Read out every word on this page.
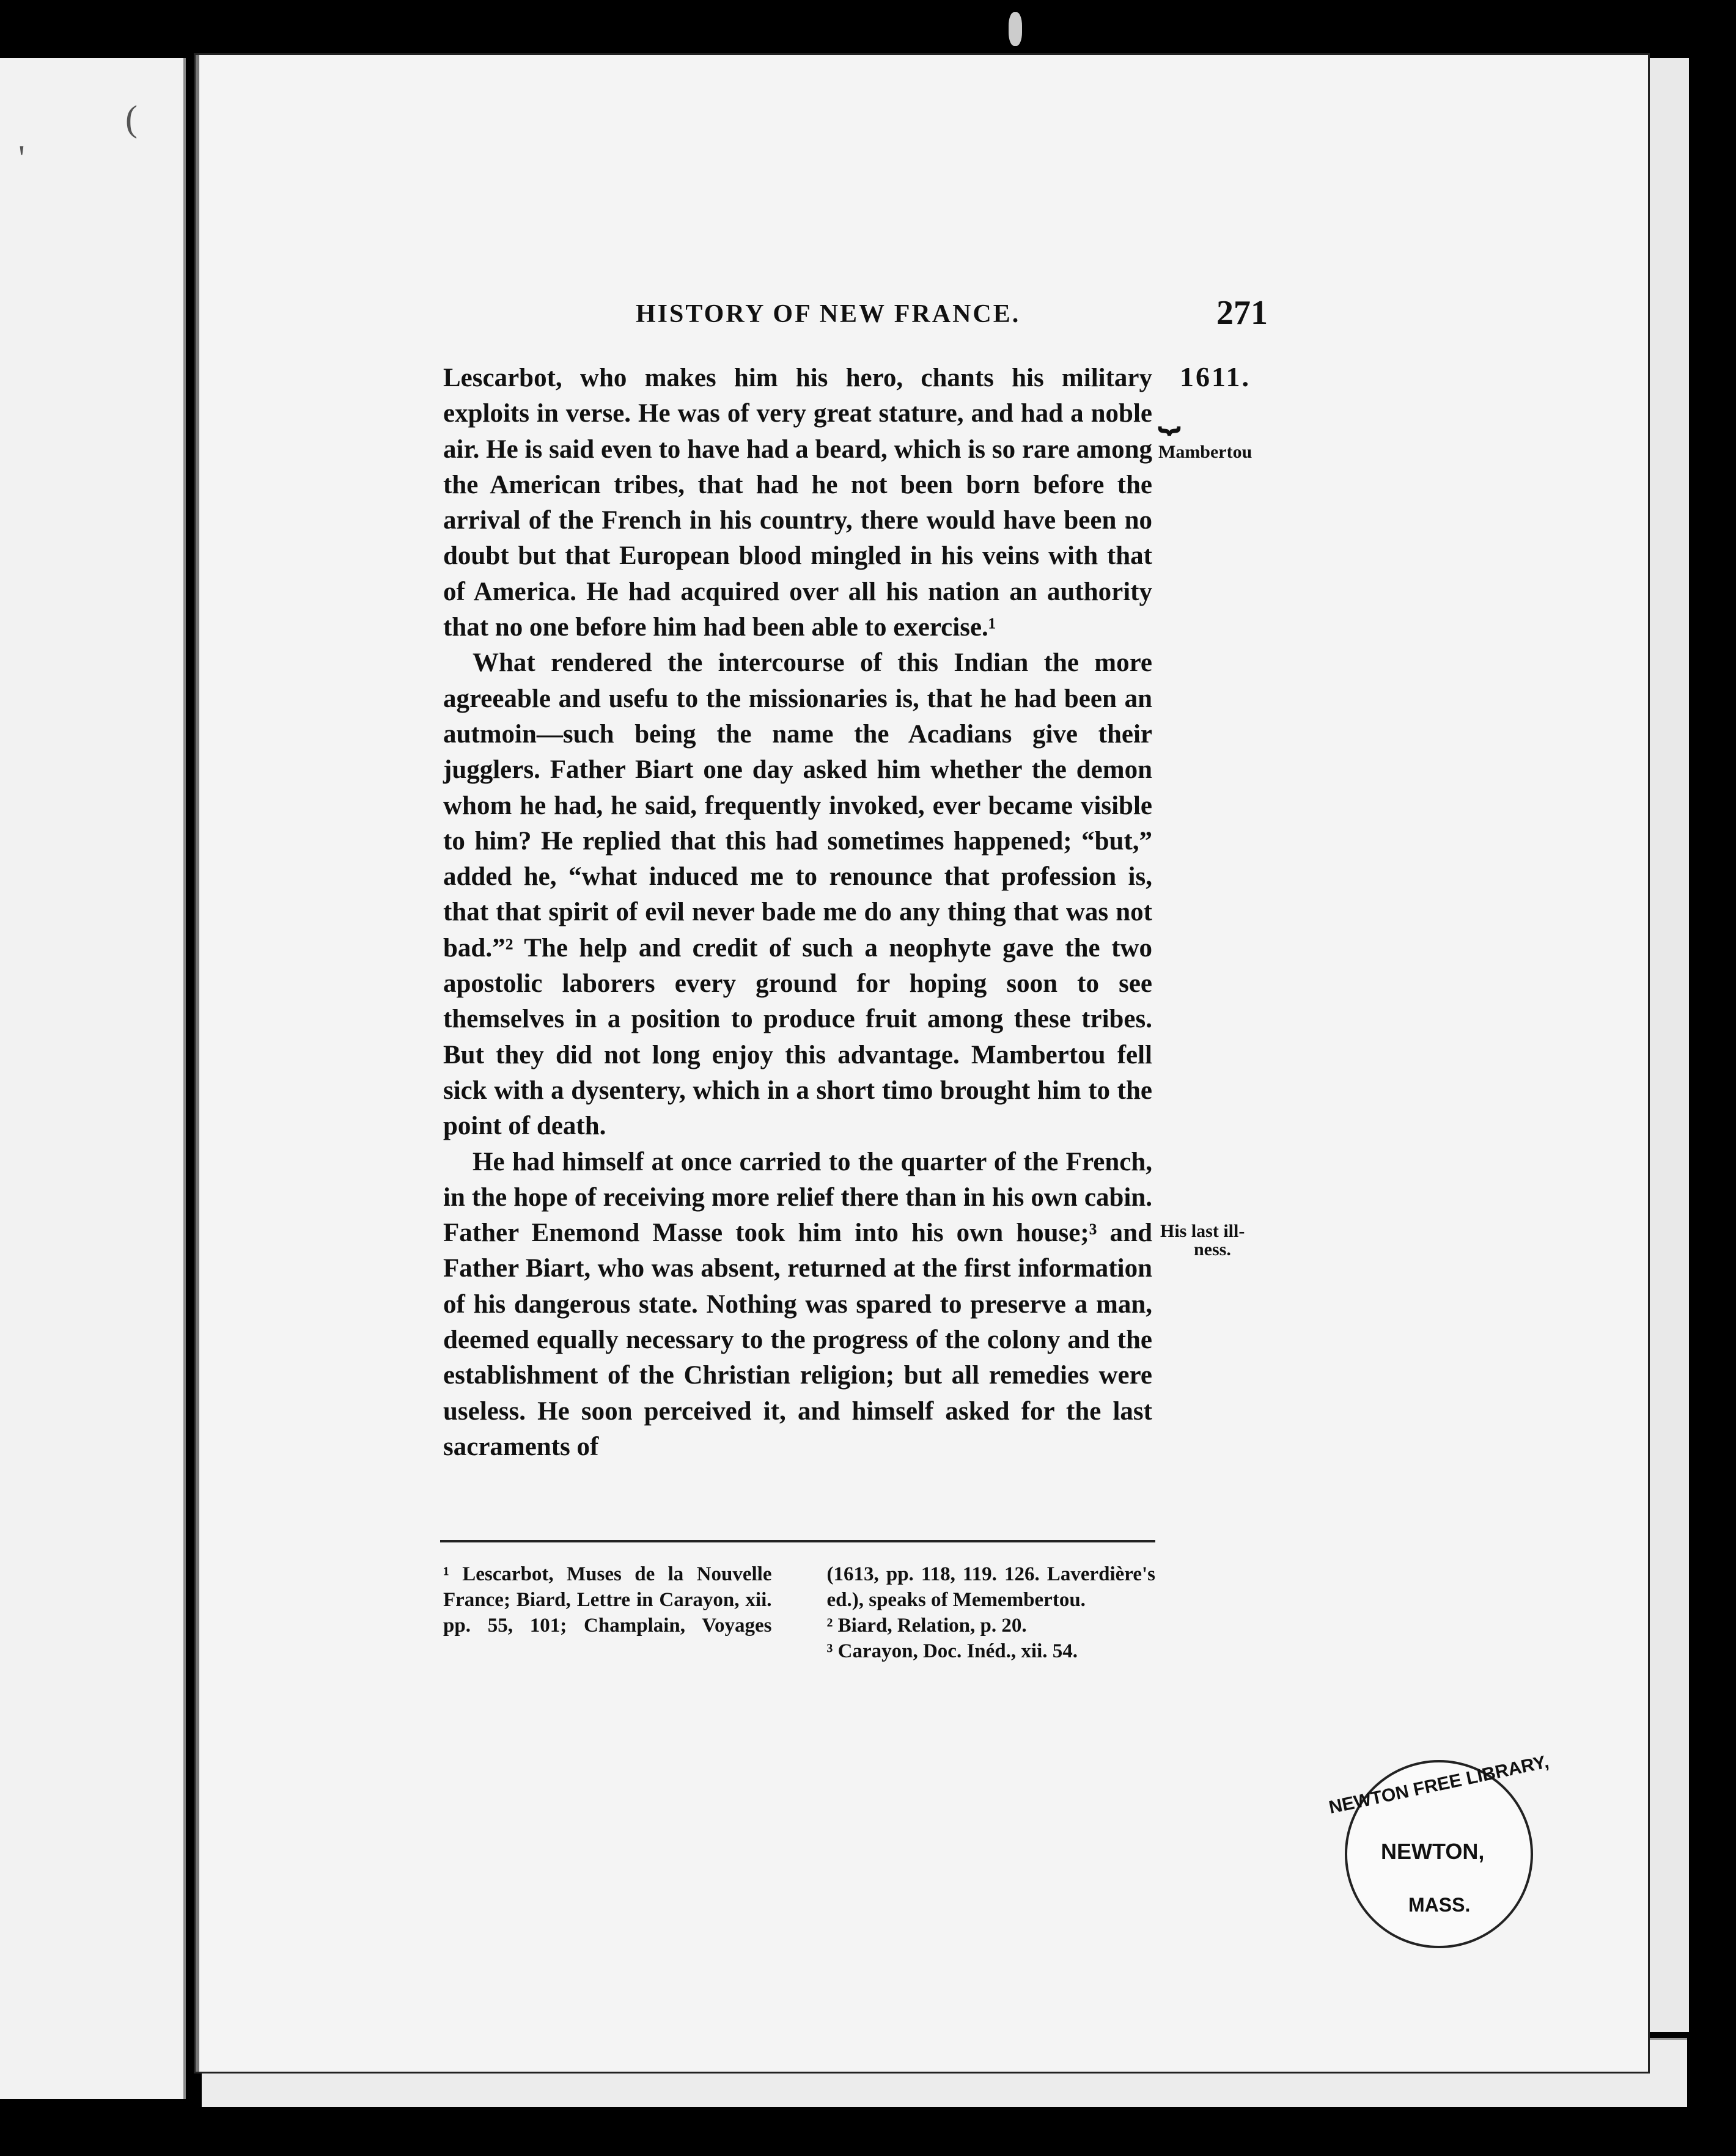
'
(
HISTORY OF NEW FRANCE.	271
1611.
⏟
Mambertou
His last ill-
ness.

Lescarbot, who makes him his hero, chants his military exploits in verse. He was of very great stature, and had a noble air. He is said even to have had a beard, which is so rare among the American tribes, that had he not been born before the arrival of the French in his country, there would have been no doubt but that European blood mingled in his veins with that of America. He had acquired over all his nation an authority that no one before him had been able to exercise.¹

What rendered the intercourse of this Indian the more agreeable and usefu to the missionaries is, that he had been an autmoin—such being the name the Acadians give their jugglers. Father Biart one day asked him whether the demon whom he had, he said, frequently invoked, ever became visible to him? He replied that this had sometimes happened; “but,” added he, “what induced me to renounce that profession is, that that spirit of evil never bade me do any thing that was not bad.”² The help and credit of such a neophyte gave the two apostolic laborers every ground for hoping soon to see themselves in a position to produce fruit among these tribes. But they did not long enjoy this advantage. Mambertou fell sick with a dysentery, which in a short timo brought him to the point of death.

He had himself at once carried to the quarter of the French, in the hope of receiving more relief there than in his own cabin. Father Enemond Masse took him into his own house;³ and Father Biart, who was absent, returned at the first information of his dangerous state. Nothing was spared to preserve a man, deemed equally necessary to the progress of the colony and the establishment of the Christian religion; but all remedies were useless. He soon perceived it, and himself asked for the last sacraments of

¹ Lescarbot, Muses de la Nouvelle France; Biard, Lettre in Carayon, xii. pp. 55, 101; Champlain, Voyages (1613, pp. 118, 119. 126. Laverdière's ed.), speaks of Memembertou.
² Biard, Relation, p. 20.
³ Carayon, Doc. Inéd., xii. 54.
NEWTON FREE LIBRARY,
NEWTON,
MASS.
